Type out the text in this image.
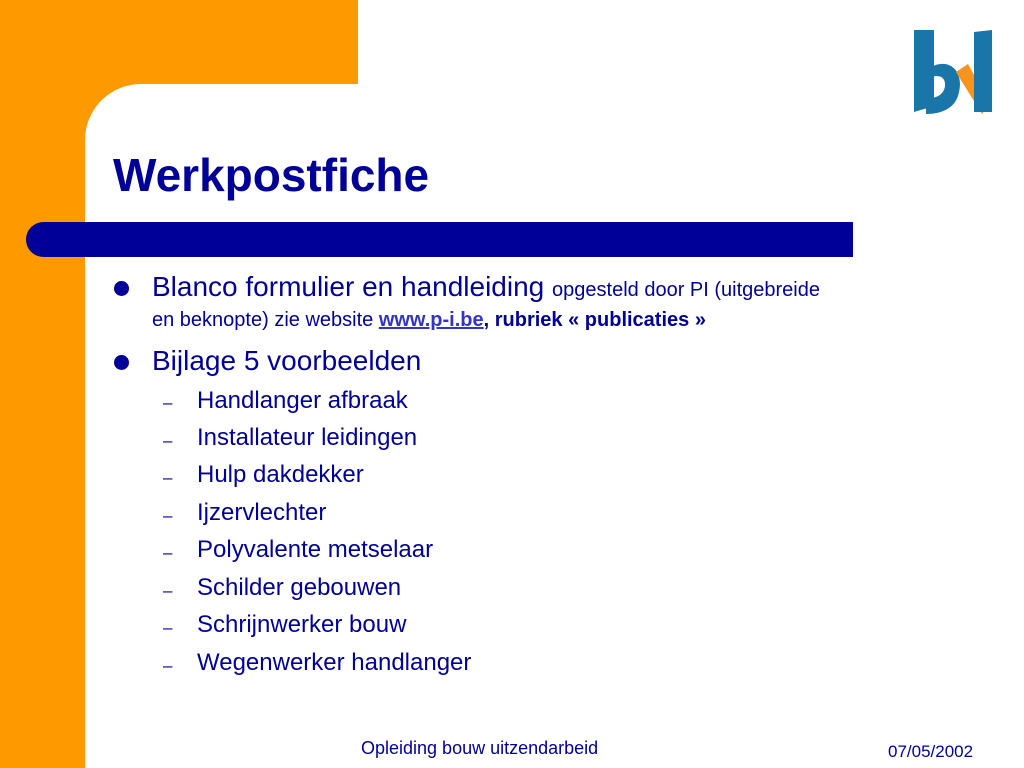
Werkpostfiche
Blanco formulier en handleiding opgesteld door PI (uitgebreide
en beknopte) zie website www.p-i.be, rubriek « publicaties »
Bijlage 5 voorbeelden
– Handlanger afbraak
– Installateur leidingen
– Hulp dakdekker
– Ijzervlechter
– Polyvalente metselaar
– Schilder gebouwen
– Schrijnwerker bouw
– Wegenwerker handlanger
Opleiding bouw uitzendarbeid	07/05/2002
